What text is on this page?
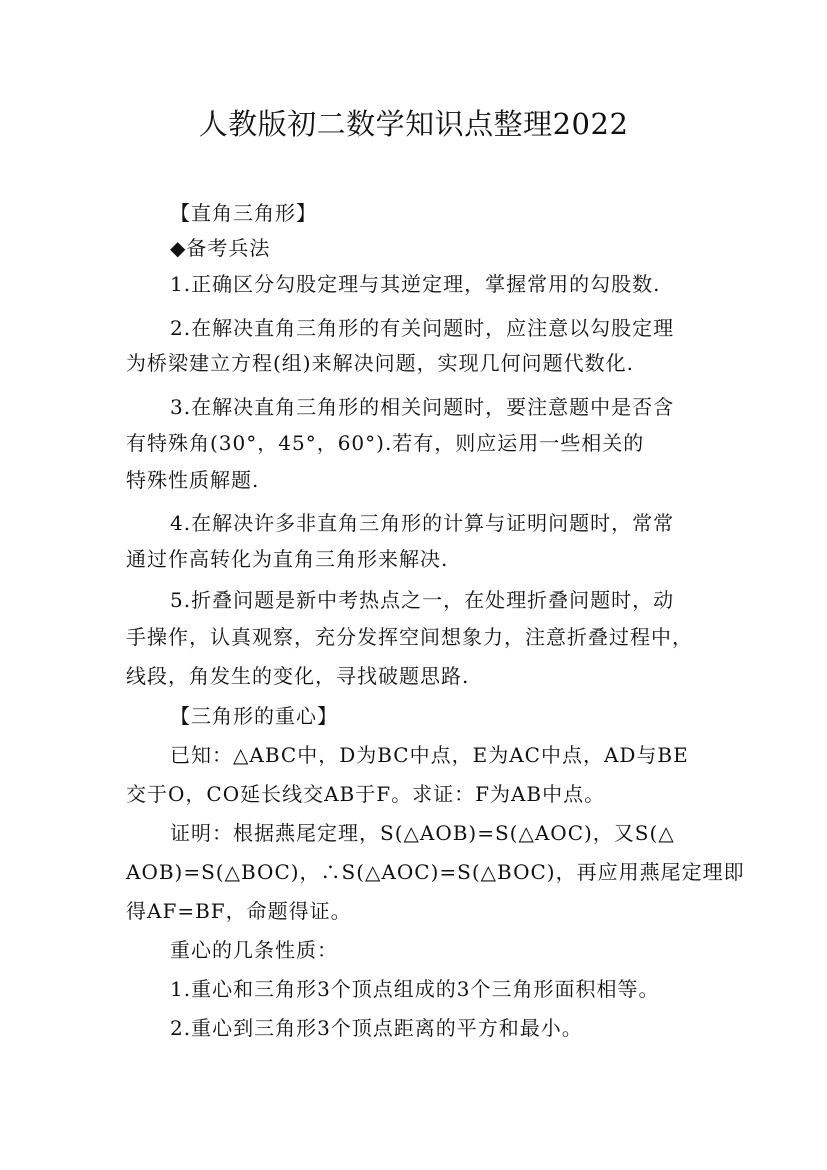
人教版初二数学知识点整理2022
【直角三角形】
◆备考兵法
1.正确区分勾股定理与其逆定理，掌握常用的勾股数.
2.在解决直角三角形的有关问题时，应注意以勾股定理
为桥梁建立方程(组)来解决问题，实现几何问题代数化.
3.在解决直角三角形的相关问题时，要注意题中是否含
有特殊角(30°，45°，60°).若有，则应运用一些相关的
特殊性质解题.
4.在解决许多非直角三角形的计算与证明问题时，常常
通过作高转化为直角三角形来解决.
5.折叠问题是新中考热点之一，在处理折叠问题时，动
手操作，认真观察，充分发挥空间想象力，注意折叠过程中，
线段，角发生的变化，寻找破题思路.
【三角形的重心】
已知：△ABC中，D为BC中点，E为AC中点，AD与BE
交于O，CO延长线交AB于F。求证：F为AB中点。
证明：根据燕尾定理，S(△AOB)=S(△AOC)，又S(△
AOB)=S(△BOC)，∴S(△AOC)=S(△BOC)，再应用燕尾定理即
得AF=BF，命题得证。
重心的几条性质：
1.重心和三角形3个顶点组成的3个三角形面积相等。
2.重心到三角形3个顶点距离的平方和最小。
